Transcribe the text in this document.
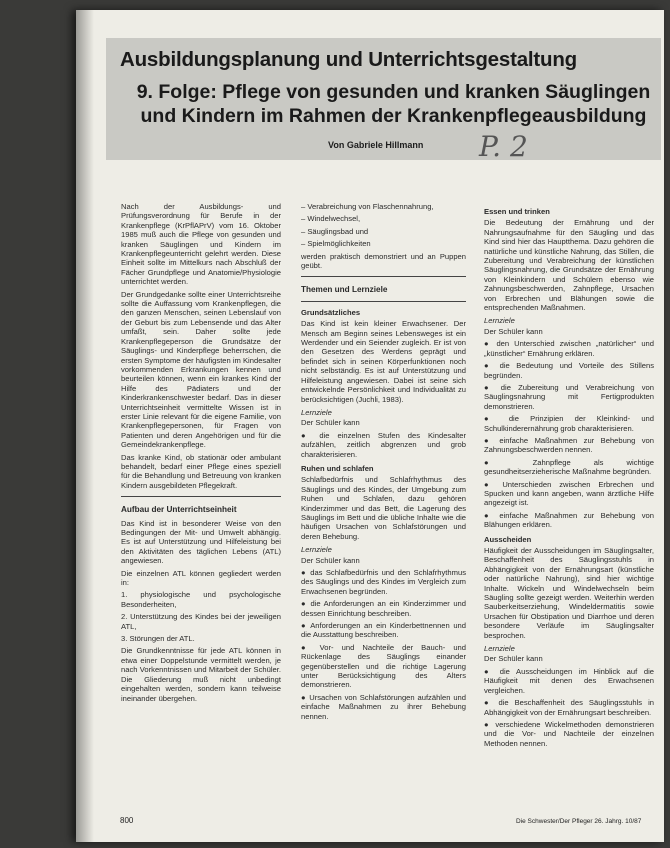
Ausbildungsplanung und Unterrichtsgestaltung
9. Folge: Pflege von gesunden und kranken Säuglingen und Kindern im Rahmen der Krankenpflegeausbildung
Von Gabriele Hillmann P. 2

Nach der Ausbildungs- und Prüfungsverordnung für Berufe in der Krankenpflege (KrPflAPrV) vom 16. Oktober 1985 muß auch die Pflege von gesunden und kranken Säuglingen und Kindern im Krankenpflegeunterricht gelehrt werden. Diese Einheit sollte im Mittelkurs nach Abschluß der Fächer Grundpflege und Anatomie/Physiologie unterrichtet werden.

Der Grundgedanke sollte einer Unterrichtsreihe sollte die Auffassung vom Krankenpflegen, die den ganzen Menschen, seinen Lebenslauf von der Geburt bis zum Lebensende und das Alter umfaßt, sein. Daher sollte jede Krankenpflegeperson die Grundsätze der Säuglings- und Kinderpflege beherrschen, die ersten Symptome der häufigsten im Kindesalter vorkommenden Erkrankungen kennen und beurteilen können, wenn ein krankes Kind der Hilfe des Pädiaters und der Kinderkrankenschwester bedarf. Das in dieser Unterrichtseinheit vermittelte Wissen ist in erster Linie relevant für die eigene Familie, von Krankenpflegepersonen, für Fragen von Patienten und deren Angehörigen und für die Gemeindekrankenpflege.

Das kranke Kind, ob stationär oder ambulant behandelt, bedarf einer Pflege eines speziell für die Behandlung und Betreuung von kranken Kindern ausgebildeten Pflegekraft.

Aufbau der Unterrichtseinheit

Das Kind ist in besonderer Weise von den Bedingungen der Mit- und Umwelt abhängig. Es ist auf Unterstützung und Hilfeleistung bei den Aktivitäten des täglichen Lebens (ATL) angewiesen.

Die einzelnen ATL können gegliedert werden in:

1. physiologische und psychologische Besonderheiten,

2. Unterstützung des Kindes bei der jeweiligen ATL,

3. Störungen der ATL.

Die Grundkenntnisse für jede ATL können in etwa einer Doppelstunde vermittelt werden, je nach Vorkenntnissen und Mitarbeit der Schüler. Die Gliederung muß nicht unbedingt eingehalten werden, sondern kann teilweise ineinander übergehen.

– Verabreichung von Flaschennahrung,

– Windelwechsel,

– Säuglingsbad und

– Spielmöglichkeiten

werden praktisch demonstriert und an Puppen geübt.

Themen und Lernziele
Grundsätzliches

Das Kind ist kein kleiner Erwachsener. Der Mensch am Beginn seines Lebensweges ist ein Werdender und ein Seiender zugleich. Er ist von den Gesetzen des Werdens geprägt und befindet sich in seinen Körperfunktionen noch nicht selbständig. Es ist auf Unterstützung und Hilfeleistung angewiesen. Dabei ist seine sich entwickelnde Persönlichkeit und Individualität zu berücksichtigen (Juchli, 1983).

Lernziele

Der Schüler kann

● die einzelnen Stufen des Kindesalter aufzählen, zeitlich abgrenzen und grob charakterisieren.

Ruhen und schlafen

Schlafbedürfnis und Schlafrhythmus des Säuglings und des Kindes, der Umgebung zum Ruhen und Schlafen, dazu gehören Kinderzimmer und das Bett, die Lagerung des Säuglings im Bett und die übliche Inhalte wie die häufigen Ursachen von Schlafstörungen und deren Behebung.

Lernziele

Der Schüler kann

● das Schlafbedürfnis und den Schlafrhythmus des Säuglings und des Kindes im Vergleich zum Erwachsenen begründen.

● die Anforderungen an ein Kinderzimmer und dessen Einrichtung beschreiben.

● Anforderungen an ein Kinderbettnennen und die Ausstattung beschreiben.

● Vor- und Nachteile der Bauch- und Rückenlage des Säuglings einander gegenüberstellen und die richtige Lagerung unter Berücksichtigung des Alters demonstrieren.

● Ursachen von Schlafstörungen aufzählen und einfache Maßnahmen zu ihrer Behebung nennen.

Essen und trinken

Die Bedeutung der Ernährung und der Nahrungsaufnahme für den Säugling und das Kind sind hier das Hauptthema. Dazu gehören die natürliche und künstliche Nahrung, das Stillen, die Zubereitung und Verabreichung der künstlichen Säuglingsnahrung, die Grundsätze der Ernährung von Kleinkindern und Schülern ebenso wie Zahnungsbeschwerden, Zahnpflege, Ursachen von Erbrechen und Blähungen sowie die entsprechenden Maßnahmen.

Lernziele

Der Schüler kann

● den Unterschied zwischen „natürlicher“ und „künstlicher“ Ernährung erklären.

● die Bedeutung und Vorteile des Stillens begründen.

● die Zubereitung und Verabreichung von Säuglingsnahrung mit Fertigprodukten demonstrieren.

● die Prinzipien der Kleinkind- und Schulkinderernährung grob charakterisieren.

● einfache Maßnahmen zur Behebung von Zahnungsbeschwerden nennen.

● Zahnpflege als wichtige gesundheitserzieherische Maßnahme begründen.

● Unterschieden zwischen Erbrechen und Spucken und kann angeben, wann ärztliche Hilfe angezeigt ist.

● einfache Maßnahmen zur Behebung von Blähungen erklären.

Ausscheiden

Häufigkeit der Ausscheidungen im Säuglingsalter, Beschaffenheit des Säuglingsstuhls in Abhängigkeit von der Ernährungsart (künstliche oder natürliche Nahrung), sind hier wichtige Inhalte. Wickeln und Windelwechseln beim Säugling sollte gezeigt werden. Weiterhin werden Sauberkeitserziehung, Windeldermatitis sowie Ursachen für Obstipation und Diarrhoe und deren besondere Verläufe im Säuglingsalter besprochen.

Lernziele

Der Schüler kann

● die Ausscheidungen im Hinblick auf die Häufigkeit mit denen des Erwachsenen vergleichen.

● die Beschaffenheit des Säuglingsstuhls in Abhängigkeit von der Ernährungsart beschreiben.

● verschiedene Wickelmethoden demonstrieren und die Vor- und Nachteile der einzelnen Methoden nennen.

800	Die Schwester/Der Pfleger 26. Jahrg. 10/87
